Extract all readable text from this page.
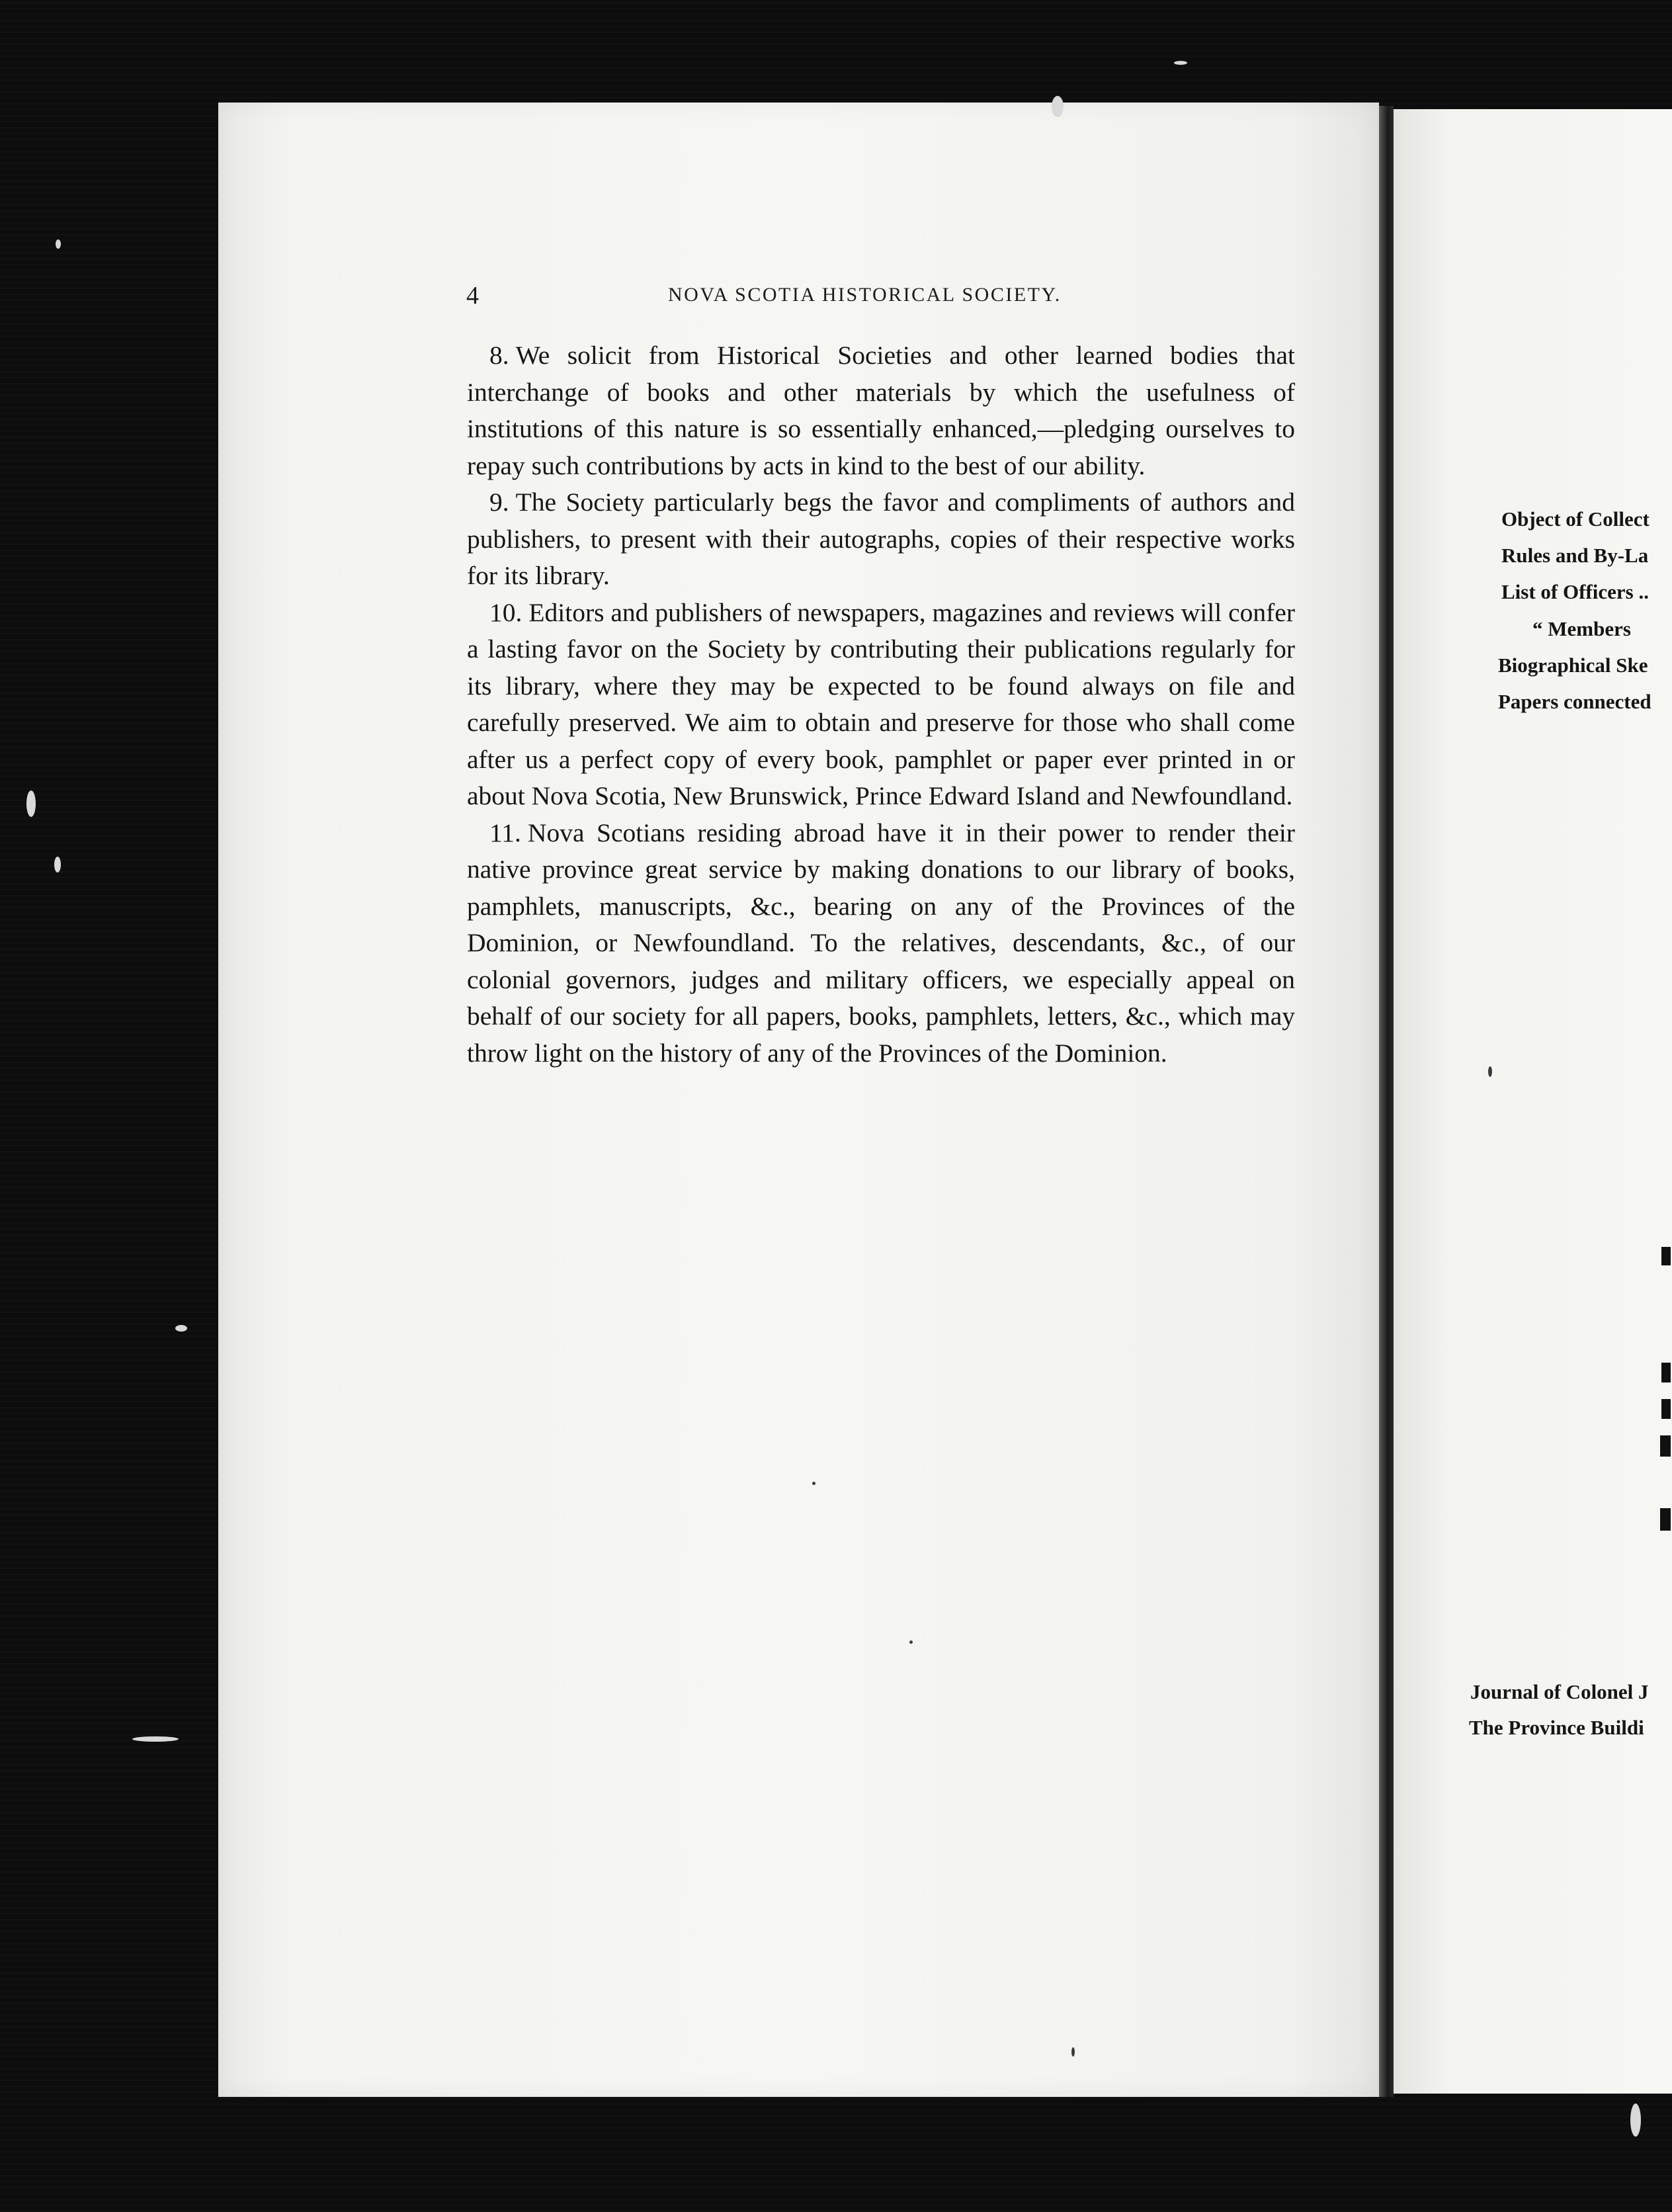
4	NOVA SCOTIA HISTORICAL SOCIETY.

8. We solicit from Historical Societies and other learned bodies that interchange of books and other materials by which the usefulness of institutions of this nature is so essentially enhanced,—pledging ourselves to repay such contributions by acts in kind to the best of our ability.

9. The Society particularly begs the favor and compliments of authors and publishers, to present with their autographs, copies of their respective works for its library.

10. Editors and publishers of newspapers, magazines and reviews will confer a lasting favor on the Society by contributing their publications regularly for its library, where they may be expected to be found always on file and carefully preserved. We aim to obtain and preserve for those who shall come after us a perfect copy of every book, pamphlet or paper ever printed in or about Nova Scotia, New Brunswick, Prince Edward Island and Newfoundland.

11. Nova Scotians residing abroad have it in their power to render their native province great service by making donations to our library of books, pamphlets, manuscripts, &c., bearing on any of the Provinces of the Dominion, or Newfoundland. To the relatives, descendants, &c., of our colonial governors, judges and military officers, we especially appeal on behalf of our society for all papers, books, pamphlets, letters, &c., which may throw light on the history of any of the Provinces of the Dominion.

Object of Collect
Rules and By-La
List of Officers ..
“ Members
Biographical Ske
Papers connected
Journal of Colonel J
The Province Buildi
